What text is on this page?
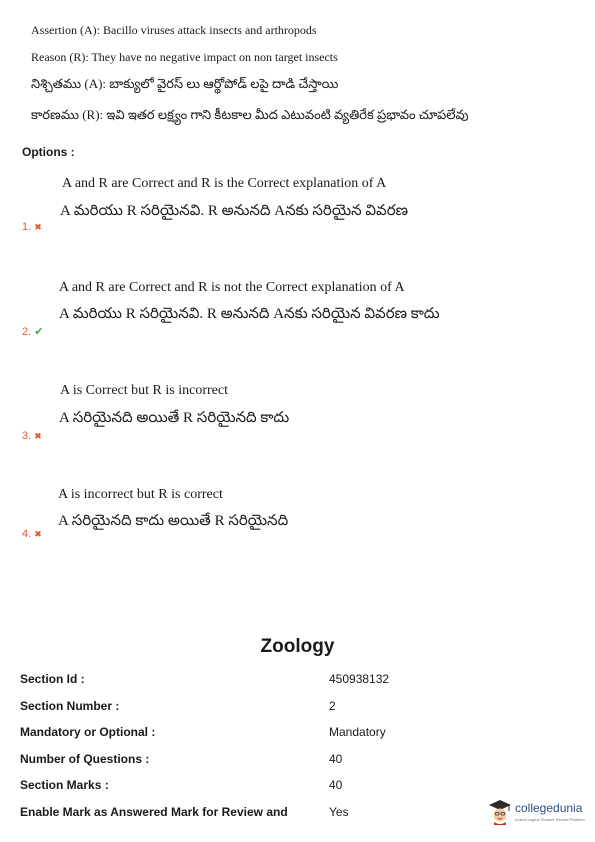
Assertion (A): Bacillo viruses attack insects and arthropods
Reason (R): They have no negative impact on non target insects
నిశ్చితము (A): బాక్యులో వైరస్ లు ఆర్థోపోడ్ లపై దాడి చేస్తాయి
కారణము (R): ఇవి ఇతర లక్ష్యం గాని కీటకాల మీద ఎటువంటి వ్యతిరేక ప్రభావం చూపలేవు
Options :
A and R are Correct and R is the Correct explanation of A
A మరియు R సరియైనవి. R అనునది Aనకు సరియైన వివరణ
1. ✖
A and R are Correct and R is not the Correct explanation of A
A మరియు R సరియైనవి. R అనునది Aనకు సరియైన వివరణ కాదు
2. ✔
A is Correct but R is incorrect
A సరియైనది అయితే R సరియైనది కాదు
3. ✖
A is incorrect but R is correct
A సరియైనది కాదు అయితే R సరియైనది
4. ✖
Zoology
Section Id :	450938132
Section Number :	2
Mandatory or Optional :	Mandatory
Number of Questions :	40
Section Marks :	40
Enable Mark as Answered Mark for Review and	Yes	collegedunia
India's largest Student Review Platform
